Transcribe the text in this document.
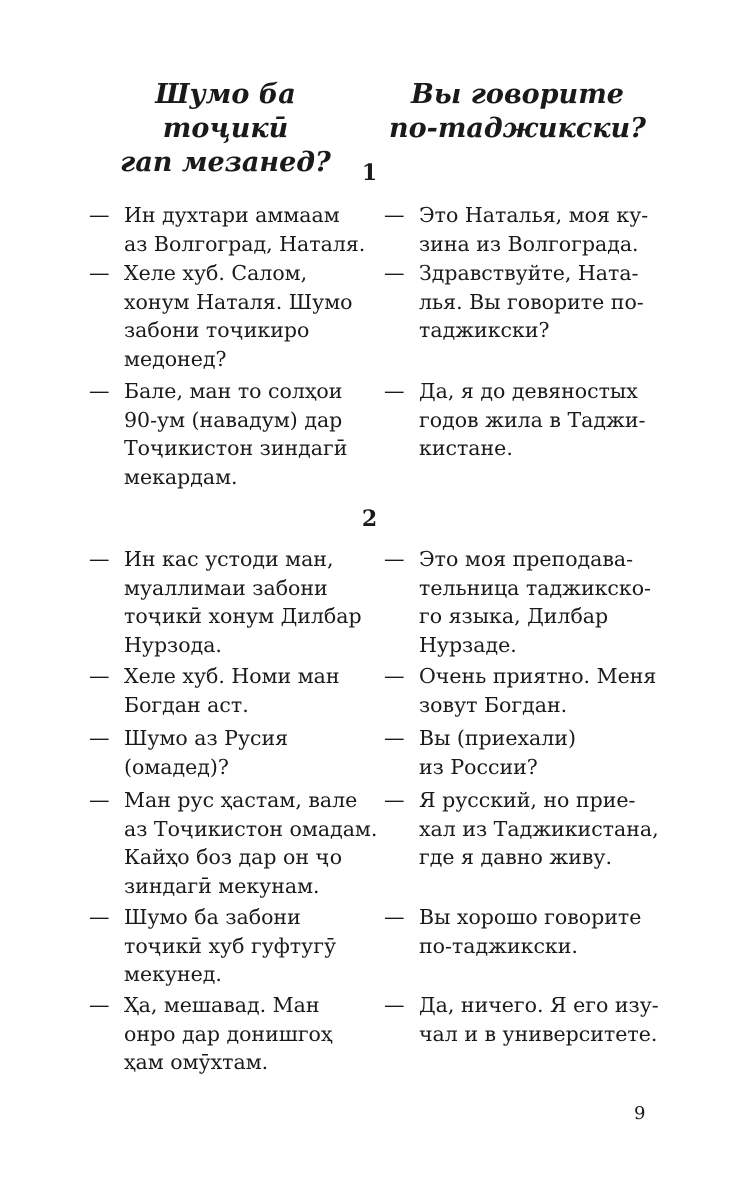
Шумо ба тоҷикӣ
гап мезанед?
Вы говорите
по-таджикски?
1
— Ин духтари аммаам
аз Волгоград, Наталя.
— Это Наталья, моя ку-
зина из Волгограда.
— Хеле хуб. Салом,
хонум Наталя. Шумо
забони тоҷикиро
медонед?
— Здравствуйте, Ната-
лья. Вы говорите по-
таджикски?
— Бале, ман то солҳои
90-ум (навадум) дар
Тоҷикистон зиндагӣ
мекардам.
— Да, я до девяностых
годов жила в Таджи-
кистане.
2
— Ин кас устоди ман,
муаллимаи забони
тоҷикӣ хонум Дилбар
Нурзода.
— Это моя преподава-
тельница таджикско-
го языка, Дилбар
Нурзаде.
— Хеле хуб. Номи ман
Богдан аст.
— Очень приятно. Меня
зовут Богдан.
— Шумо аз Русия
(омадед)?
— Вы (приехали)
из России?
— Ман рус ҳастам, вале
аз Тоҷикистон омадам.
Кайҳо боз дар он ҷо
зиндагӣ мекунам.
— Я русский, но прие-
хал из Таджикистана,
где я давно живу.
— Шумо ба забони
тоҷикӣ хуб гуфтугӯ
мекунед.
— Вы хорошо говорите
по-таджикски.
— Ҳа, мешавад. Ман
онро дар донишгоҳ
ҳам омӯхтам.
— Да, ничего. Я его изу-
чал и в университете.
9
